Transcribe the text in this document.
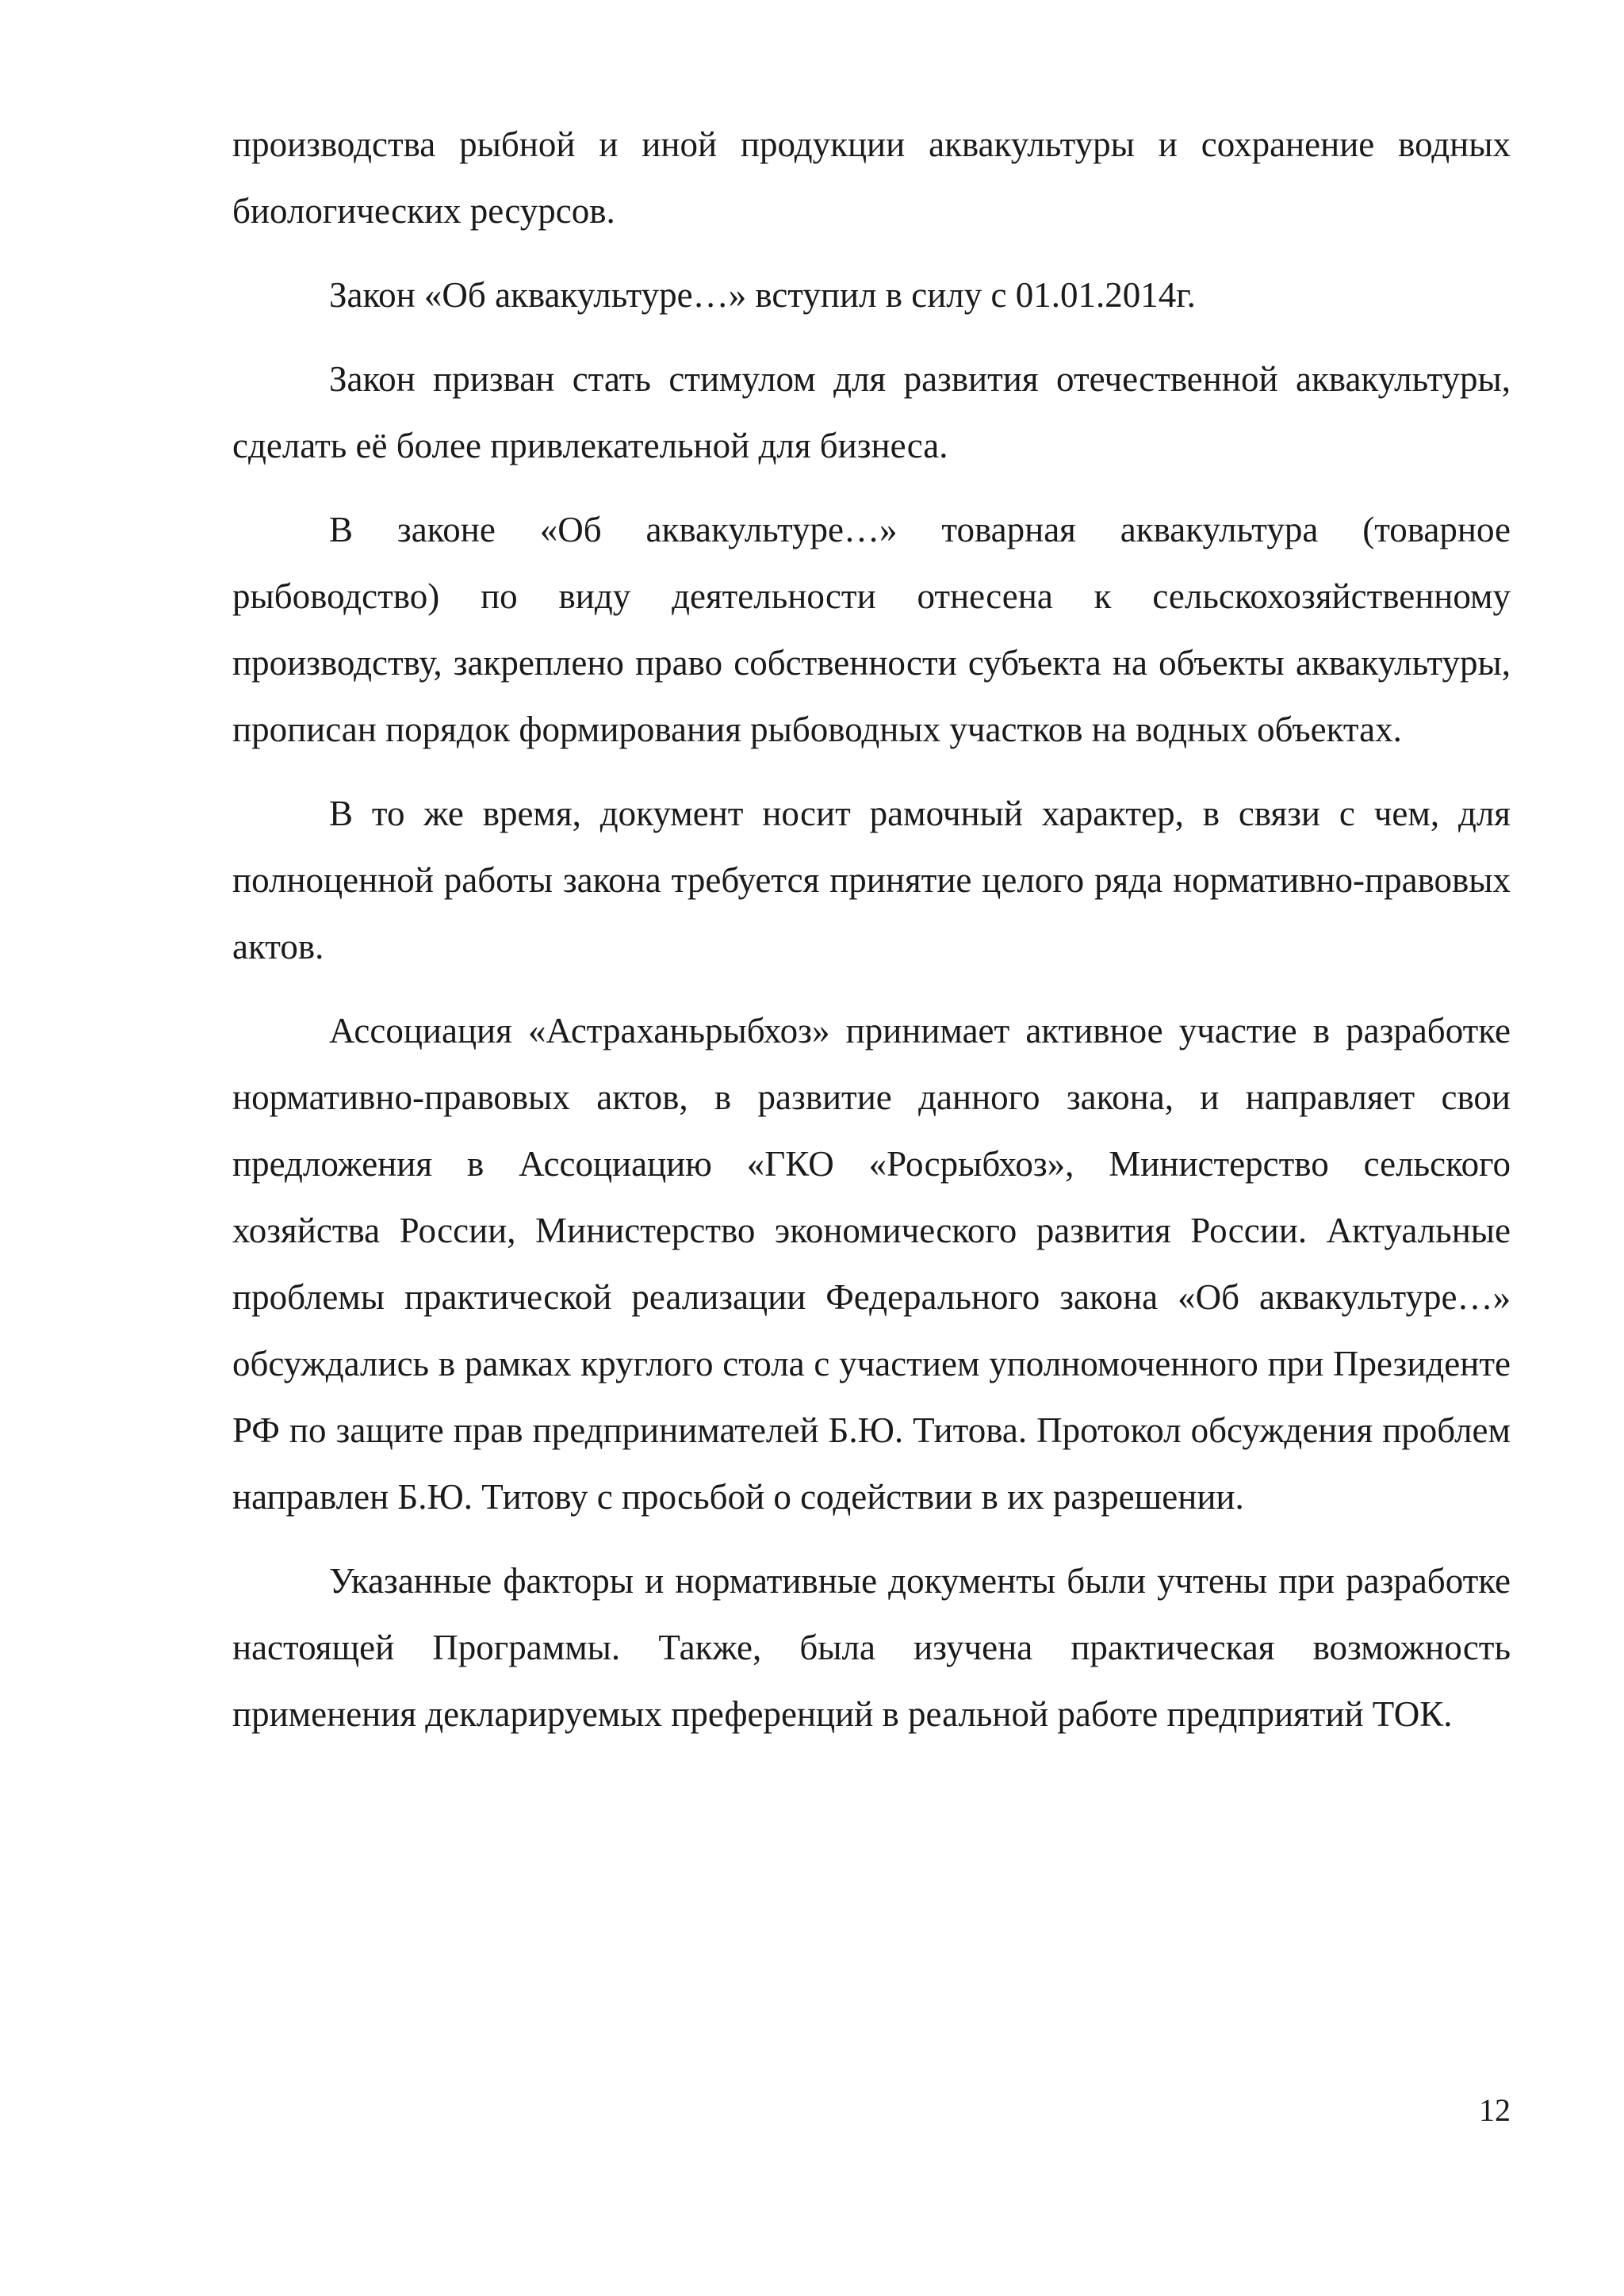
производства рыбной и иной продукции аквакультуры и сохранение водных биологических ресурсов.

Закон «Об аквакультуре…» вступил в силу с 01.01.2014г.

Закон призван стать стимулом для развития отечественной аквакультуры, сделать её более привлекательной для бизнеса.

В законе «Об аквакультуре…» товарная аквакультура (товарное рыбоводство) по виду деятельности отнесена к сельскохозяйственному производству, закреплено право собственности субъекта на объекты аквакультуры, прописан порядок формирования рыбоводных участков на водных объектах.

В то же время, документ носит рамочный характер, в связи с чем, для полноценной работы закона требуется принятие целого ряда нормативно-правовых актов.

Ассоциация «Астраханьрыбхоз» принимает активное участие в разработке нормативно-правовых актов, в развитие данного закона, и направляет свои предложения в Ассоциацию «ГКО «Росрыбхоз», Министерство сельского хозяйства России, Министерство экономического развития России. Актуальные проблемы практической реализации Федерального закона «Об аквакультуре…» обсуждались в рамках круглого стола с участием уполномоченного при Президенте РФ по защите прав предпринимателей Б.Ю. Титова. Протокол обсуждения проблем направлен Б.Ю. Титову с просьбой о содействии в их разрешении.

Указанные факторы и нормативные документы были учтены при разработке настоящей Программы. Также, была изучена практическая возможность применения декларируемых преференций в реальной работе предприятий ТОК.

12
